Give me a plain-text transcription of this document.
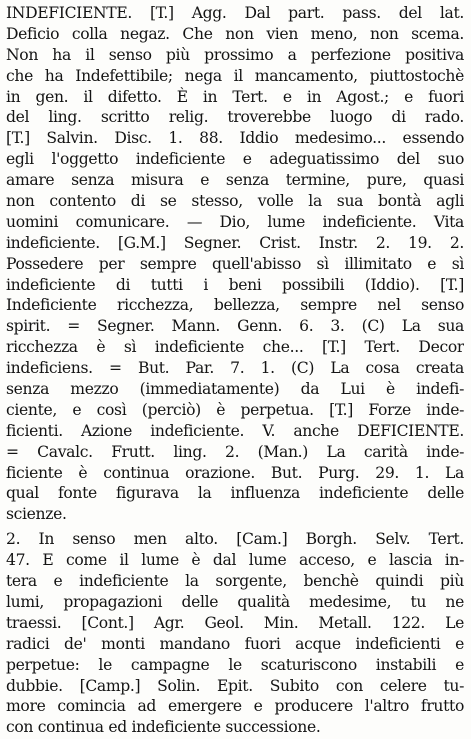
INDEFICIENTE. [T.] Agg. Dal part. pass. del lat.
Deficio colla negaz. Che non vien meno, non scema.
Non ha il senso più prossimo a perfezione positiva
che ha Indefettibile; nega il mancamento, piuttostochè
in gen. il difetto. È in Tert. e in Agost.; e fuori
del ling. scritto relig. troverebbe luogo di rado.
[T.] Salvin. Disc. 1. 88. Iddio medesimo... essendo
egli l'oggetto indeficiente e adeguatissimo del suo
amare senza misura e senza termine, pure, quasi
non contento di se stesso, volle la sua bontà agli
uomini comunicare. — Dio, lume indeficiente. Vita
indeficiente. [G.M.] Segner. Crist. Instr. 2. 19. 2.
Possedere per sempre quell'abisso sì illimitato e sì
indeficiente di tutti i beni possibili (Iddio). [T.]
Indeficiente ricchezza, bellezza, sempre nel senso
spirit. = Segner. Mann. Genn. 6. 3. (C) La sua
ricchezza è sì indeficiente che... [T.] Tert. Decor
indeficiens. = But. Par. 7. 1. (C) La cosa creata
senza mezzo (immediatamente) da Lui è indefi-
ciente, e così (perciò) è perpetua. [T.] Forze inde-
ficienti. Azione indeficiente. V. anche DEFICIENTE.
= Cavalc. Frutt. ling. 2. (Man.) La carità inde-
ficiente è continua orazione. But. Purg. 29. 1. La
qual fonte figurava la influenza indeficiente delle
scienze.
2. In senso men alto. [Cam.] Borgh. Selv. Tert.
47. E come il lume è dal lume acceso, e lascia in-
tera e indeficiente la sorgente, benchè quindi più
lumi, propagazioni delle qualità medesime, tu ne
traessi. [Cont.] Agr. Geol. Min. Metall. 122. Le
radici de' monti mandano fuori acque indeficienti e
perpetue: le campagne le scaturiscono instabili e
dubbie. [Camp.] Solin. Epit. Subito con celere tu-
more comincia ad emergere e producere l'altro frutto
con continua ed indeficiente successione.
